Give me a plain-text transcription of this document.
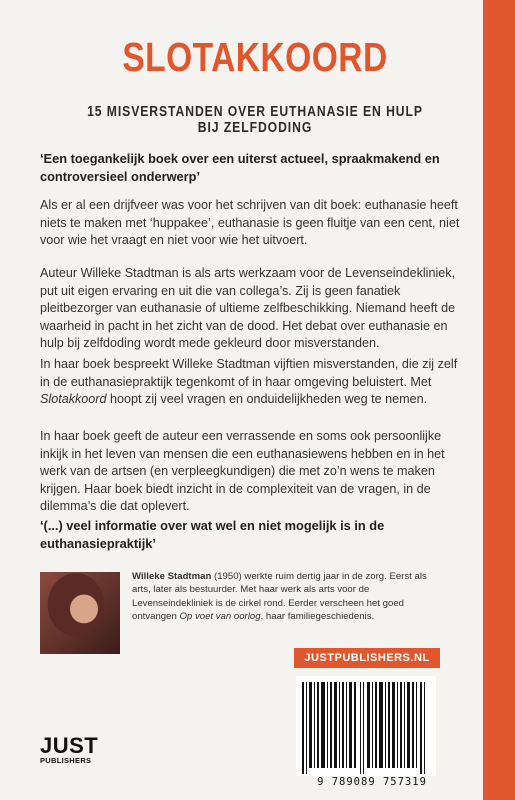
SLOTAKKOORD
15 MISVERSTANDEN OVER EUTHANASIE EN HULP BIJ ZELFDODING
‘Een toegankelijk boek over een uiterst actueel, spraakmakend en controversieel onderwerp’
Als er al een drijfveer was voor het schrijven van dit boek: euthanasie heeft niets te maken met ‘huppakee’, euthanasie is geen fluitje van een cent, niet voor wie het vraagt en niet voor wie het uitvoert.
Auteur Willeke Stadtman is als arts werkzaam voor de Levenseindekliniek, put uit eigen ervaring en uit die van collega’s. Zij is geen fanatiek pleitbezorger van euthanasie of ultieme zelfbeschikking. Niemand heeft de waarheid in pacht in het zicht van de dood. Het debat over euthanasie en hulp bij zelfdoding wordt mede gekleurd door misverstanden.
In haar boek bespreekt Willeke Stadtman vijftien misverstanden, die zij zelf in de euthanasiepraktijk tegenkomt of in haar omgeving beluistert. Met Slotakkoord hoopt zij veel vragen en onduidelijkheden weg te nemen.
In haar boek geeft de auteur een verrassende en soms ook persoonlijke inkijk in het leven van mensen die een euthanasiewens hebben en in het werk van de artsen (en verpleegkundigen) die met zo’n wens te maken krijgen. Haar boek biedt inzicht in de complexiteit van de vragen, in de dilemma’s die dat oplevert.
‘(...) veel informatie over wat wel en niet mogelijk is in de euthanasiepraktijk’
Willeke Stadtman (1950) werkte ruim dertig jaar in de zorg. Eerst als arts, later als bestuurder. Met haar werk als arts voor de Levenseindekliniek is de cirkel rond. Eerder verscheen het goed ontvangen Op voet van oorlog, haar familiegeschiedenis.
JUSTPUBLISHERS.NL
9 789089 757319
JUST
PUBLISHERS
